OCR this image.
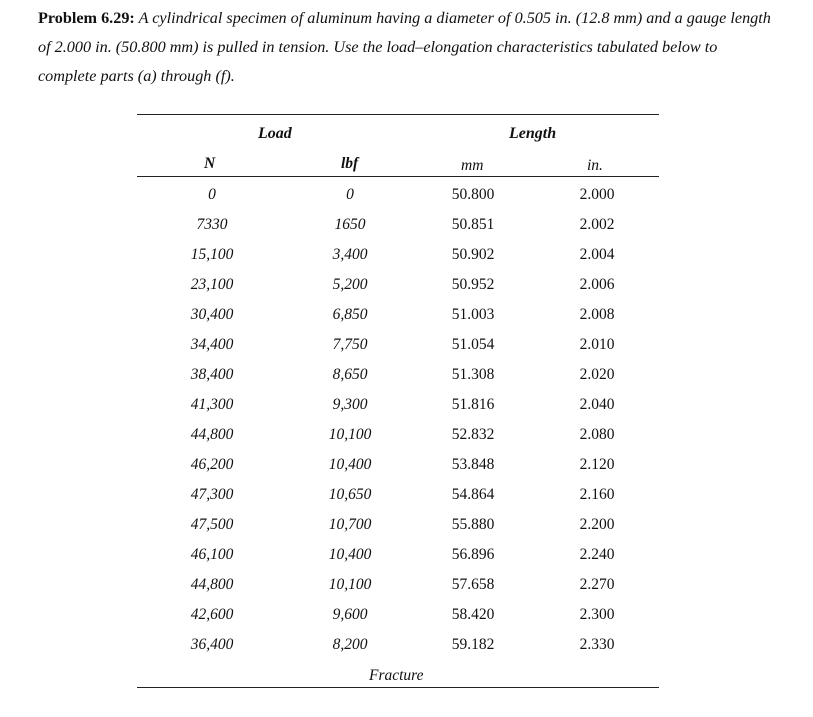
Problem 6.29: A cylindrical specimen of aluminum having a diameter of 0.505 in. (12.8 mm) and a gauge length of 2.000 in. (50.800 mm) is pulled in tension. Use the load–elongation characteristics tabulated below to complete parts (a) through (f).
Load	Length
N	lbf	mm	in.
0	0	50.800	2.000
7330	1650	50.851	2.002
15,100	3,400	50.902	2.004
23,100	5,200	50.952	2.006
30,400	6,850	51.003	2.008
34,400	7,750	51.054	2.010
38,400	8,650	51.308	2.020
41,300	9,300	51.816	2.040
44,800	10,100	52.832	2.080
46,200	10,400	53.848	2.120
47,300	10,650	54.864	2.160
47,500	10,700	55.880	2.200
46,100	10,400	56.896	2.240
44,800	10,100	57.658	2.270
42,600	9,600	58.420	2.300
36,400	8,200	59.182	2.330
Fracture
